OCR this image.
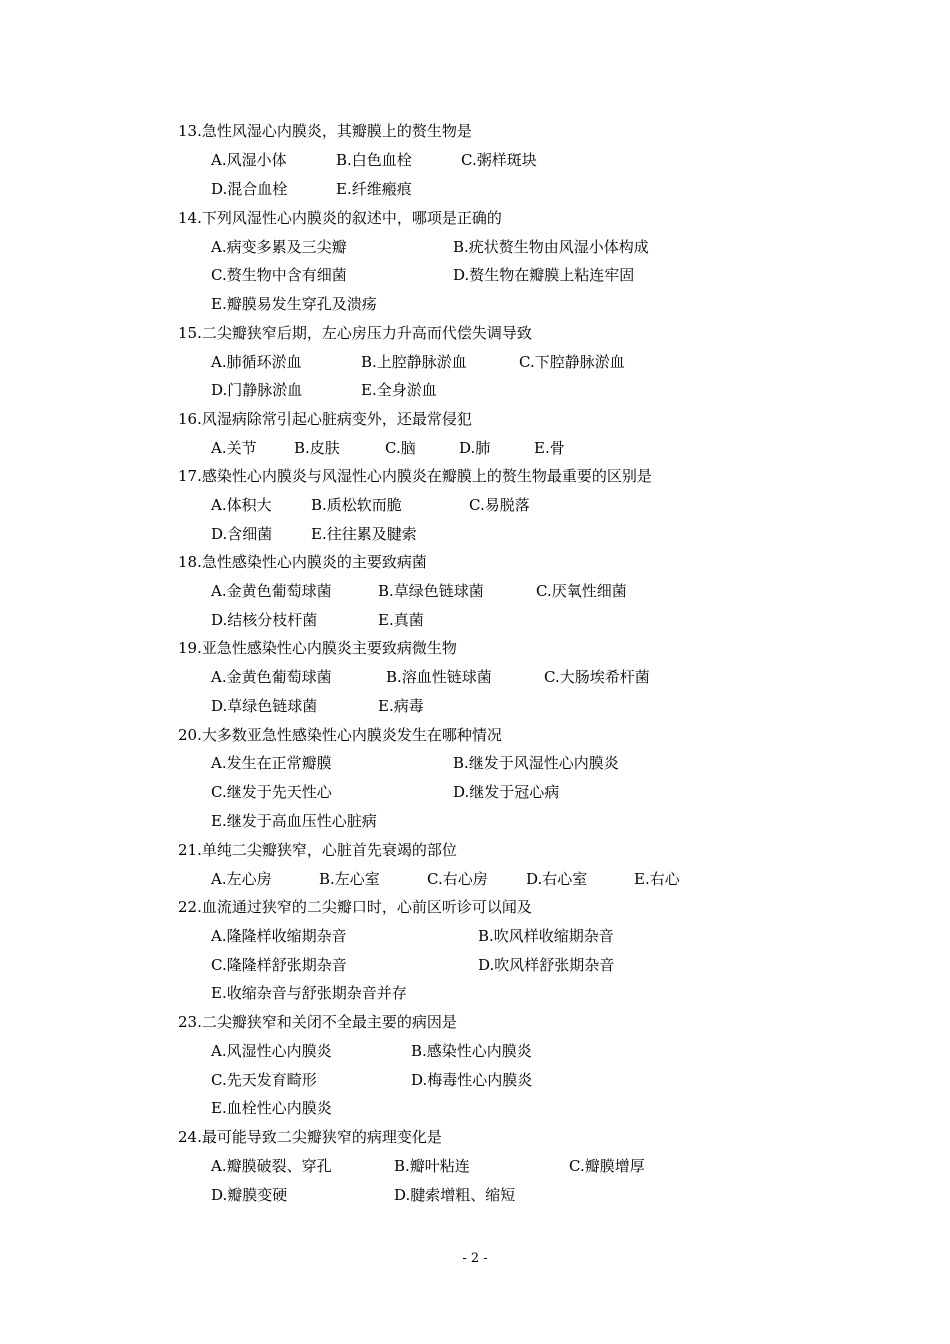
13.急性风湿心内膜炎，其瓣膜上的赘生物是
A.风湿小体	B.白色血栓	C.粥样斑块
D.混合血栓	E.纤维瘢痕
14.下列风湿性心内膜炎的叙述中，哪项是正确的
A.病变多累及三尖瓣	B.疣状赘生物由风湿小体构成
C.赘生物中含有细菌	D.赘生物在瓣膜上粘连牢固
E.瓣膜易发生穿孔及溃疡
15.二尖瓣狭窄后期，左心房压力升高而代偿失调导致
A.肺循环淤血	B.上腔静脉淤血	C.下腔静脉淤血
D.门静脉淤血	E.全身淤血
16.风湿病除常引起心脏病变外，还最常侵犯
A.关节 B.皮肤	C.脑	D.肺	E.骨
17.感染性心内膜炎与风湿性心内膜炎在瓣膜上的赘生物最重要的区别是
A.体积大	B.质松软而脆	C.易脱落
D.含细菌	E.往往累及腱索
18.急性感染性心内膜炎的主要致病菌
A.金黄色葡萄球菌	B.草绿色链球菌	C.厌氧性细菌
D.结核分枝杆菌	E.真菌
19.亚急性感染性心内膜炎主要致病微生物
A.金黄色葡萄球菌	B.溶血性链球菌	C.大肠埃希杆菌
D.草绿色链球菌	E.病毒
20.大多数亚急性感染性心内膜炎发生在哪种情况
A.发生在正常瓣膜	B.继发于风湿性心内膜炎
C.继发于先天性心	D.继发于冠心病
E.继发于高血压性心脏病
21.单纯二尖瓣狭窄，心脏首先衰竭的部位
A.左心房	B.左心室	C.右心房	D.右心室	E.右心
22.血流通过狭窄的二尖瓣口时，心前区听诊可以闻及
A.隆隆样收缩期杂音	B.吹风样收缩期杂音
C.隆隆样舒张期杂音	D.吹风样舒张期杂音
E.收缩杂音与舒张期杂音并存
23.二尖瓣狭窄和关闭不全最主要的病因是
A.风湿性心内膜炎	B.感染性心内膜炎
C.先天发育畸形	D.梅毒性心内膜炎
E.血栓性心内膜炎
24.最可能导致二尖瓣狭窄的病理变化是
A.瓣膜破裂、穿孔	B.瓣叶粘连	C.瓣膜增厚
D.瓣膜变硬	D.腱索增粗、缩短
- 2 -
